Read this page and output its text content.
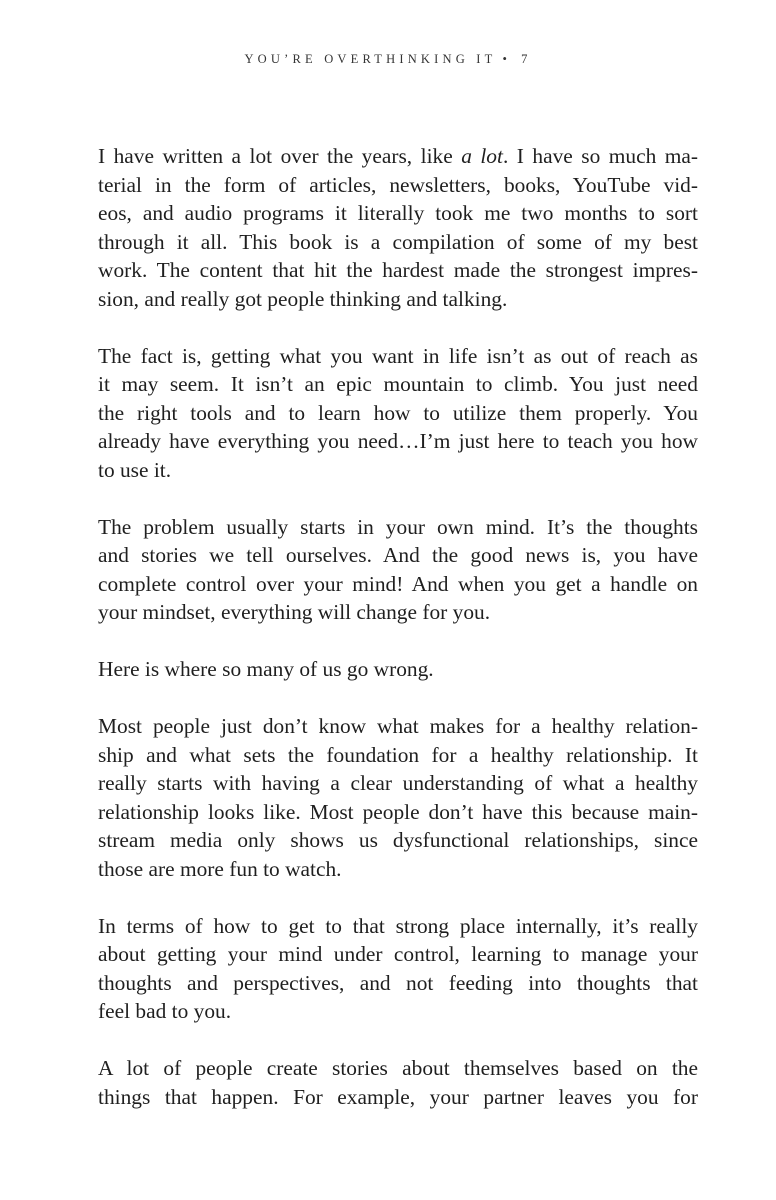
YOU’RE OVERTHINKING IT • 7

I have written a lot over the years, like a lot. I have so much ma-
terial in the form of articles, newsletters, books, YouTube vid-
eos, and audio programs it literally took me two months to sort
through it all. This book is a compilation of some of my best
work. The content that hit the hardest made the strongest impres-
sion, and really got people thinking and talking.

The fact is, getting what you want in life isn’t as out of reach as
it may seem. It isn’t an epic mountain to climb. You just need
the right tools and to learn how to utilize them properly. You
already have everything you need…I’m just here to teach you how
to use it.

The problem usually starts in your own mind. It’s the thoughts
and stories we tell ourselves. And the good news is, you have
complete control over your mind! And when you get a handle on
your mindset, everything will change for you.

Here is where so many of us go wrong.

Most people just don’t know what makes for a healthy relation-
ship and what sets the foundation for a healthy relationship. It
really starts with having a clear understanding of what a healthy
relationship looks like. Most people don’t have this because main-
stream media only shows us dysfunctional relationships, since
those are more fun to watch.

In terms of how to get to that strong place internally, it’s really
about getting your mind under control, learning to manage your
thoughts and perspectives, and not feeding into thoughts that
feel bad to you.

A lot of people create stories about themselves based on the
things that happen. For example, your partner leaves you for
